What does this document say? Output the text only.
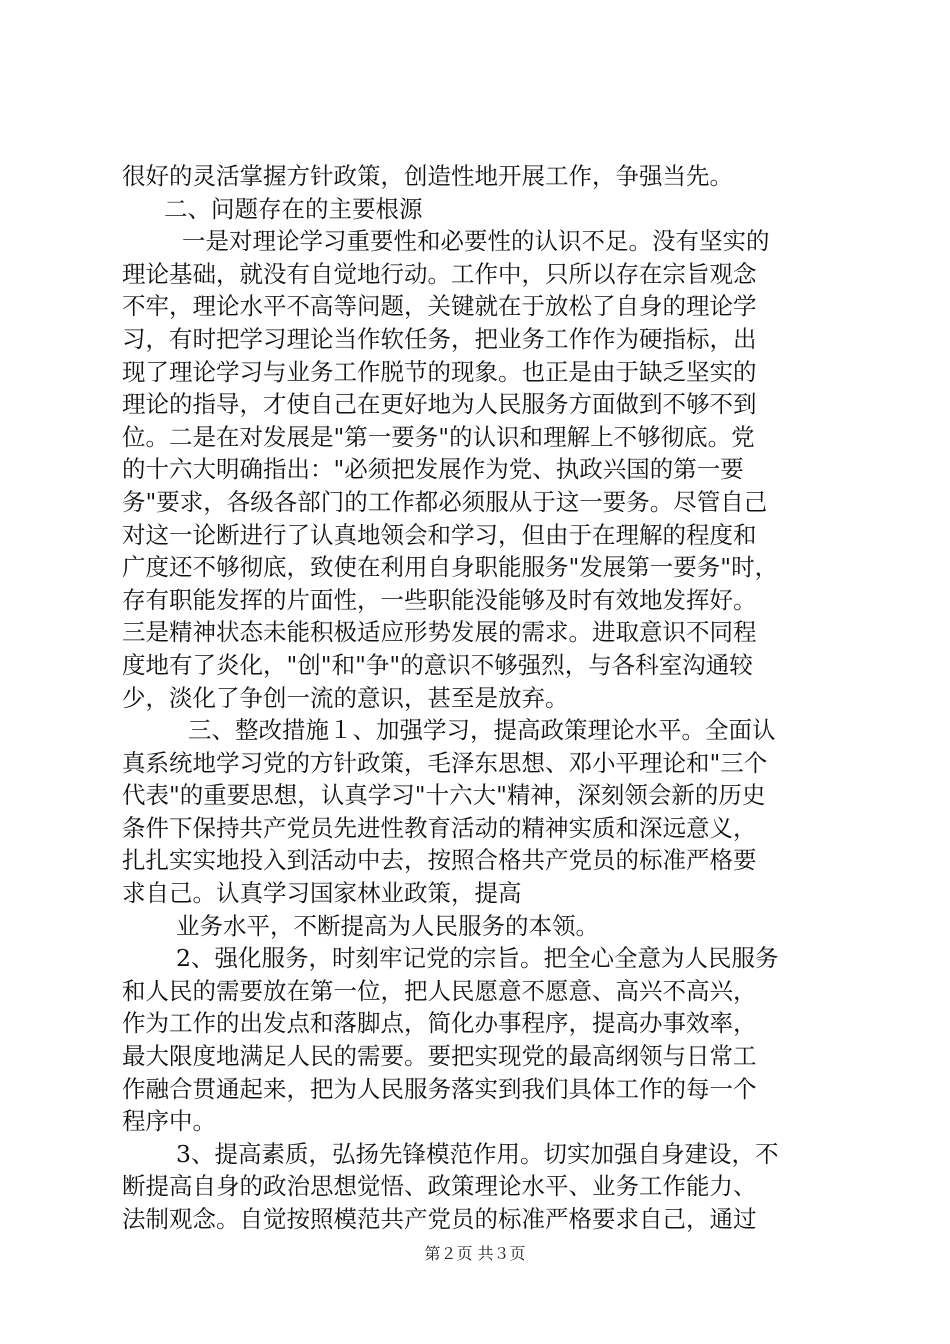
很好的灵活掌握方针政策，创造性地开展工作，争强当先。
二、问题存在的主要根源
一是对理论学习重要性和必要性的认识不足。没有坚实的
理论基础，就没有自觉地行动。工作中，只所以存在宗旨观念
不牢，理论水平不高等问题，关键就在于放松了自身的理论学
习，有时把学习理论当作软任务，把业务工作作为硬指标，出
现了理论学习与业务工作脱节的现象。也正是由于缺乏坚实的
理论的指导，才使自己在更好地为人民服务方面做到不够不到
位。二是在对发展是"第一要务"的认识和理解上不够彻底。党
的十六大明确指出："必须把发展作为党、执政兴国的第一要
务"要求，各级各部门的工作都必须服从于这一要务。尽管自己
对这一论断进行了认真地领会和学习，但由于在理解的程度和
广度还不够彻底，致使在利用自身职能服务"发展第一要务"时，
存有职能发挥的片面性，一些职能没能够及时有效地发挥好。
三是精神状态未能积极适应形势发展的需求。进取意识不同程
度地有了炎化，"创"和"争"的意识不够强烈，与各科室沟通较
少，淡化了争创一流的意识，甚至是放弃。
三、整改措施１、加强学习，提高政策理论水平。全面认
真系统地学习党的方针政策，毛泽东思想、邓小平理论和"三个
代表"的重要思想，认真学习"十六大"精神，深刻领会新的历史
条件下保持共产党员先进性教育活动的精神实质和深远意义，
扎扎实实地投入到活动中去，按照合格共产党员的标准严格要
求自己。认真学习国家林业政策，提高
业务水平，不断提高为人民服务的本领。
2、强化服务，时刻牢记党的宗旨。把全心全意为人民服务
和人民的需要放在第一位，把人民愿意不愿意、高兴不高兴，
作为工作的出发点和落脚点，简化办事程序，提高办事效率，
最大限度地满足人民的需要。要把实现党的最高纲领与日常工
作融合贯通起来，把为人民服务落实到我们具体工作的每一个
程序中。
3、提高素质，弘扬先锋模范作用。切实加强自身建设，不
断提高自身的政治思想觉悟、政策理论水平、业务工作能力、
法制观念。自觉按照模范共产党员的标准严格要求自己，通过
第２页 共３页
